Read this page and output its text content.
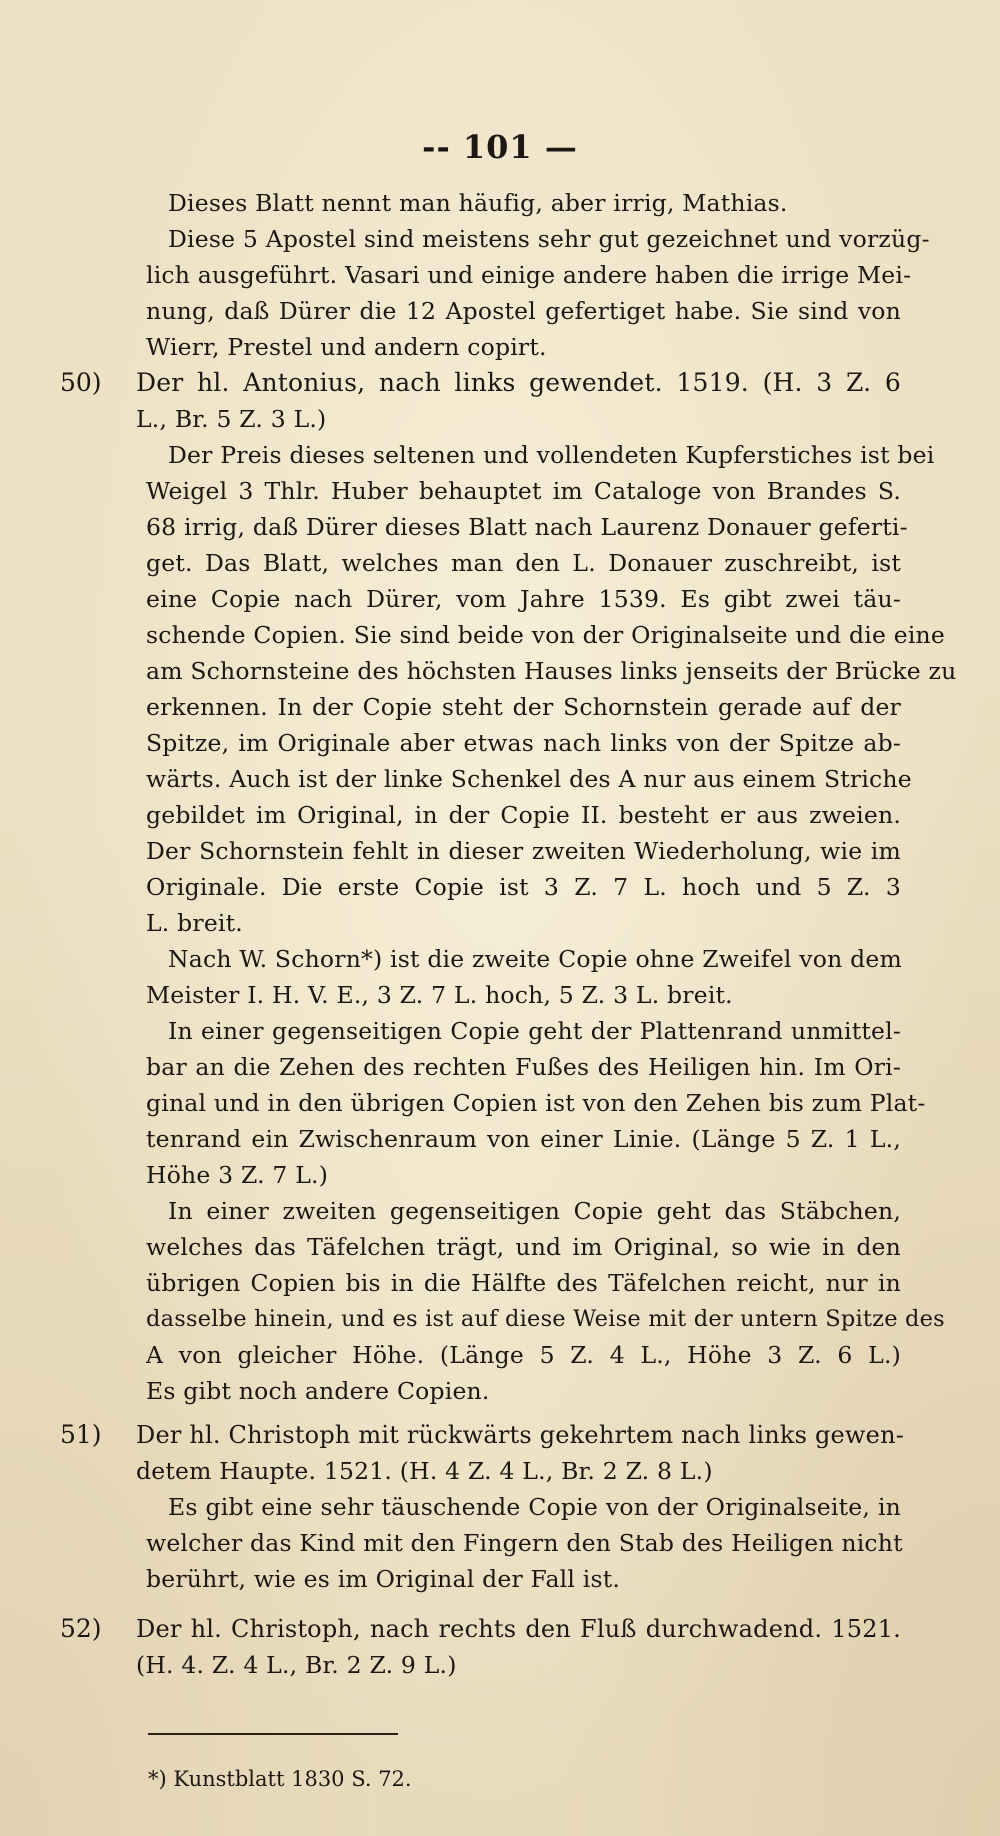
-- 101 —
Dieses Blatt nennt man häufig, aber irrig, Mathias.
Diese 5 Apostel sind meistens sehr gut gezeichnet und vorzüg-
lich ausgeführt. Vasari und einige andere haben die irrige Mei-
nung, daß Dürer die 12 Apostel gefertiget habe. Sie sind von
Wierr, Prestel und andern copirt.
50) Der hl. Antonius, nach links gewendet. 1519. (H. 3 Z. 6
L., Br. 5 Z. 3 L.)
Der Preis dieses seltenen und vollendeten Kupferstiches ist bei
Weigel 3 Thlr. Huber behauptet im Cataloge von Brandes S.
68 irrig, daß Dürer dieses Blatt nach Laurenz Donauer geferti-
get. Das Blatt, welches man den L. Donauer zuschreibt, ist
eine Copie nach Dürer, vom Jahre 1539. Es gibt zwei täu-
schende Copien. Sie sind beide von der Originalseite und die eine
am Schornsteine des höchsten Hauses links jenseits der Brücke zu
erkennen. In der Copie steht der Schornstein gerade auf der
Spitze, im Originale aber etwas nach links von der Spitze ab-
wärts. Auch ist der linke Schenkel des A nur aus einem Striche
gebildet im Original, in der Copie II. besteht er aus zweien.
Der Schornstein fehlt in dieser zweiten Wiederholung, wie im
Originale. Die erste Copie ist 3 Z. 7 L. hoch und 5 Z. 3
L. breit.
Nach W. Schorn*) ist die zweite Copie ohne Zweifel von dem
Meister I. H. V. E., 3 Z. 7 L. hoch, 5 Z. 3 L. breit.
In einer gegenseitigen Copie geht der Plattenrand unmittel-
bar an die Zehen des rechten Fußes des Heiligen hin. Im Ori-
ginal und in den übrigen Copien ist von den Zehen bis zum Plat-
tenrand ein Zwischenraum von einer Linie. (Länge 5 Z. 1 L.,
Höhe 3 Z. 7 L.)
In einer zweiten gegenseitigen Copie geht das Stäbchen,
welches das Täfelchen trägt, und im Original, so wie in den
übrigen Copien bis in die Hälfte des Täfelchen reicht, nur in
dasselbe hinein, und es ist auf diese Weise mit der untern Spitze des
A von gleicher Höhe. (Länge 5 Z. 4 L., Höhe 3 Z. 6 L.)
Es gibt noch andere Copien.
51) Der hl. Christoph mit rückwärts gekehrtem nach links gewen-
detem Haupte. 1521. (H. 4 Z. 4 L., Br. 2 Z. 8 L.)
Es gibt eine sehr täuschende Copie von der Originalseite, in
welcher das Kind mit den Fingern den Stab des Heiligen nicht
berührt, wie es im Original der Fall ist.
52) Der hl. Christoph, nach rechts den Fluß durchwadend. 1521.
(H. 4. Z. 4 L., Br. 2 Z. 9 L.)
*) Kunstblatt 1830 S. 72.
